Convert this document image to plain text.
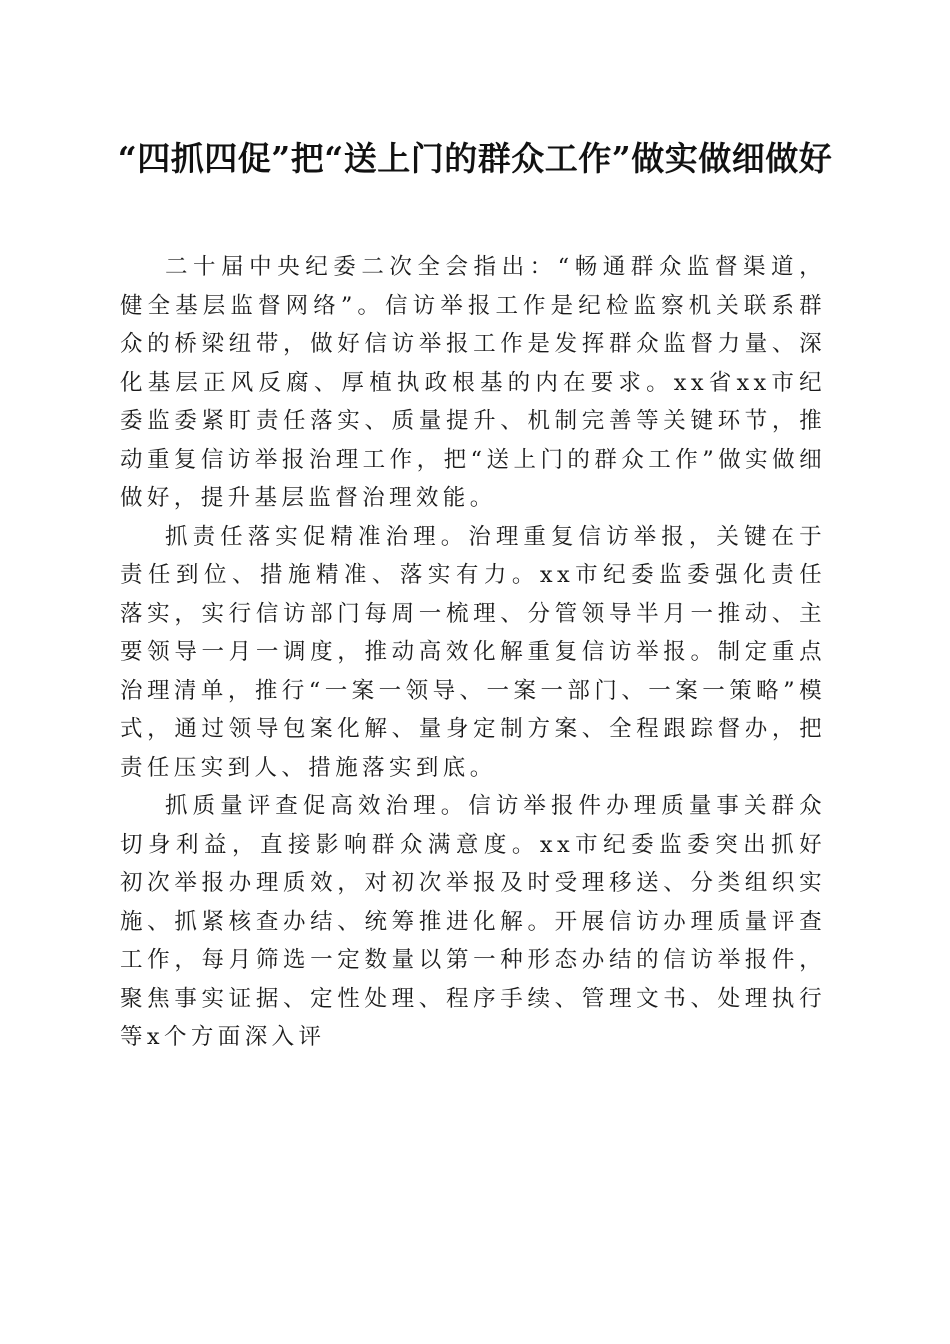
“四抓四促”把“送上门的群众工作”做实做细做好

二十届中央纪委二次全会指出：“畅通群众监督渠道，健全基层监督网络”。信访举报工作是纪检监察机关联系群众的桥梁纽带，做好信访举报工作是发挥群众监督力量、深化基层正风反腐、厚植执政根基的内在要求。xx省xx市纪委监委紧盯责任落实、质量提升、机制完善等关键环节，推动重复信访举报治理工作，把“送上门的群众工作”做实做细做好，提升基层监督治理效能。

抓责任落实促精准治理。治理重复信访举报，关键在于责任到位、措施精准、落实有力。xx市纪委监委强化责任落实，实行信访部门每周一梳理、分管领导半月一推动、主要领导一月一调度，推动高效化解重复信访举报。制定重点治理清单，推行“一案一领导、一案一部门、一案一策略”模式，通过领导包案化解、量身定制方案、全程跟踪督办，把责任压实到人、措施落实到底。

抓质量评查促高效治理。信访举报件办理质量事关群众切身利益，直接影响群众满意度。xx市纪委监委突出抓好初次举报办理质效，对初次举报及时受理移送、分类组织实施、抓紧核查办结、统筹推进化解。开展信访办理质量评查工作，每月筛选一定数量以第一种形态办结的信访举报件，聚焦事实证据、定性处理、程序手续、管理文书、处理执行等x个方面深入评
